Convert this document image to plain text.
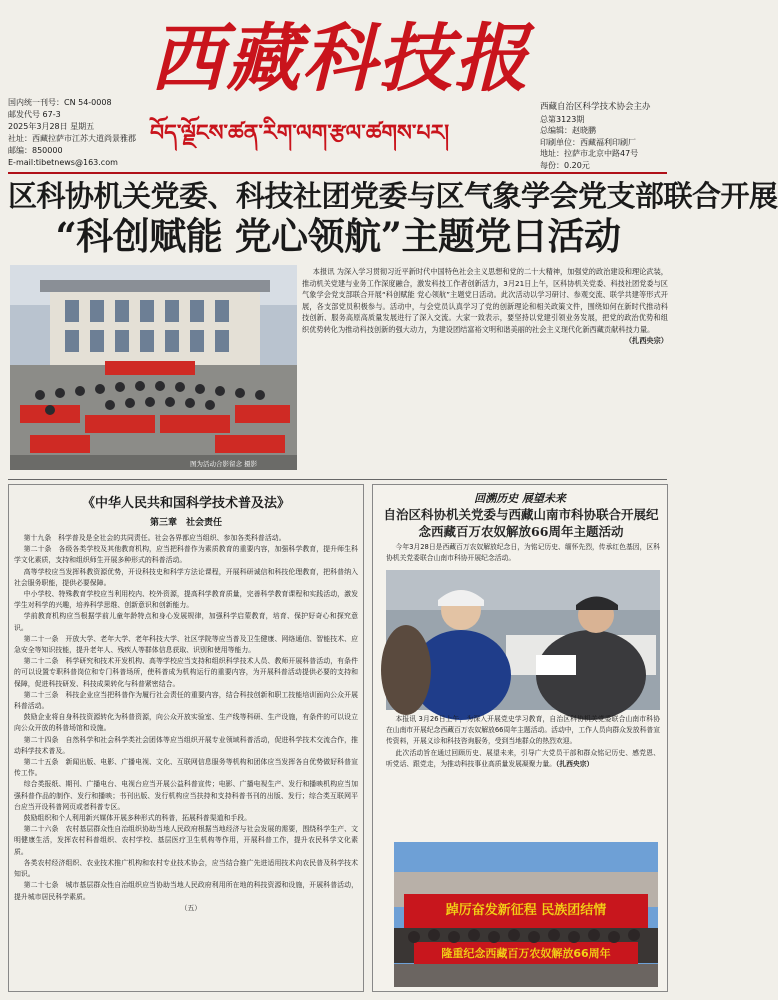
西藏科技报
བོད་ལྗོངས་ཚན་རིག་ལག་རྩལ་ཚགས་པར།
国内统一刊号：CN 54-0008
邮发代号 67-3
2025年3月28日 星期五
社址：西藏拉萨市江苏大道尚景雅郡
邮编：850000
E-mail:tibetnews@163.com
西藏自治区科学技术协会主办
总第3123期
总编辑：赵晓鹏
印刷单位：西藏福利印刷厂
地址：拉萨市北京中路47号
每份：0.20元
区科协机关党委、科技社团党委与区气象学会党支部联合开展
“科创赋能 党心领航”主题党日活动
图为活动合影留念 摄影
本报讯 为深入学习贯彻习近平新时代中国特色社会主义思想和党的二十大精神，加强党的政治建设和理论武装，推动机关党建与业务工作深度融合，激发科技工作者创新活力，3月21日上午，区科协机关党委、科技社团党委与区气象学会党支部联合开展“科创赋能 党心领航”主题党日活动。此次活动以学习研讨、参观交流、联学共建等形式开展，各支部党员积极参与。活动中，与会党员认真学习了党的创新理论和相关政策文件，围绕如何在新时代推动科技创新、服务高原高质量发展进行了深入交流。大家一致表示，要坚持以党建引领业务发展，把党的政治优势和组织优势转化为推动科技创新的强大动力，为建设团结富裕文明和谐美丽的社会主义现代化新西藏贡献科技力量。
（扎西央宗）
《中华人民共和国科学技术普及法》
第三章　社会责任

第十九条　科学普及是全社会的共同责任。社会各界都应当组织、参加各类科普活动。

第二十条　各级各类学校及其他教育机构，应当把科普作为素质教育的重要内容，加强科学教育，提升师生科学文化素质，支持和组织师生开展多种形式的科普活动。

高等学校应当发挥科教资源优势，开设科技史和科学方法论课程，开展科研诚信和科技伦理教育，把科普纳入社会服务职能，提供必要保障。

中小学校、特殊教育学校应当利用校内、校外资源，提高科学教育质量，完善科学教育课程和实践活动，激发学生对科学的兴趣，培养科学思维、创新意识和创新能力。

学前教育机构应当根据学前儿童年龄特点和身心发展规律，加强科学启蒙教育，培育、保护好奇心和探究意识。

第二十一条　开放大学、老年大学、老年科技大学、社区学院等应当普及卫生健康、网络通信、智能技术、应急安全等知识技能，提升老年人、残疾人等群体信息获取、识别和使用等能力。

第二十二条　科学研究和技术开发机构、高等学校应当支持和组织科学技术人员、教师开展科普活动，有条件的可以设置专职科普岗位和专门科普场所，使科普成为机构运行的重要内容，为开展科普活动提供必要的支持和保障，促进科技研发、科技成果转化与科普紧密结合。

第二十三条　科技企业应当把科普作为履行社会责任的重要内容，结合科技创新和职工技能培训面向公众开展科普活动。

鼓励企业将自身科技资源转化为科普资源，向公众开放实验室、生产线等科研、生产设施，有条件的可以设立向公众开放的科普场馆和设施。

第二十四条　自然科学和社会科学类社会团体等应当组织开展专业领域科普活动，促进科学技术交流合作，推动科学技术普及。

第二十五条　新闻出版、电影、广播电视、文化、互联网信息服务等机构和团体应当发挥各自优势做好科普宣传工作。

综合类报纸、期刊、广播电台、电视台应当开展公益科普宣传；电影、广播电视生产、发行和播映机构应当加强科普作品的制作、发行和播映；书刊出版、发行机构应当扶持和支持科普书刊的出版、发行；综合类互联网平台应当开设科普网页或者科普专区。

鼓励组织和个人利用新兴媒体开展多种形式的科普，拓展科普渠道和手段。

第二十六条　农村基层群众性自治组织协助当地人民政府根据当地经济与社会发展的需要，围绕科学生产、文明健康生活，发挥农村科普组织、农村学校、基层医疗卫生机构等作用，开展科普工作，提升农民科学文化素质。

各类农村经济组织、农业技术推广机构和农村专业技术协会，应当结合推广先进适用技术向农民普及科学技术知识。

第二十七条　城市基层群众性自治组织应当协助当地人民政府利用所在地的科技资源和设施，开展科普活动，提升城市居民科学素质。

（五）

回溯历史 展望未来
自治区科协机关党委与西藏山南市科协联合开展纪念西藏百万农奴解放66周年主题活动
今年3月28日是西藏百万农奴解放纪念日，为铭记历史、缅怀先烈，传承红色基因，区科协机关党委联合山南市科协开展纪念活动。

本报讯 3月26日上午，为深入开展党史学习教育，自治区科协机关党委联合山南市科协在山南市开展纪念西藏百万农奴解放66周年主题活动。活动中，工作人员向群众发放科普宣传资料，开展义诊和科技咨询服务，受到当地群众的热烈欢迎。

此次活动旨在通过回顾历史、展望未来，引导广大党员干部和群众铭记历史、感党恩、听党话、跟党走，为推动科技事业高质量发展凝聚力量。（扎西央宗）

踔厉奋发新征程 民族团结情
隆重纪念西藏百万农奴解放66周年
